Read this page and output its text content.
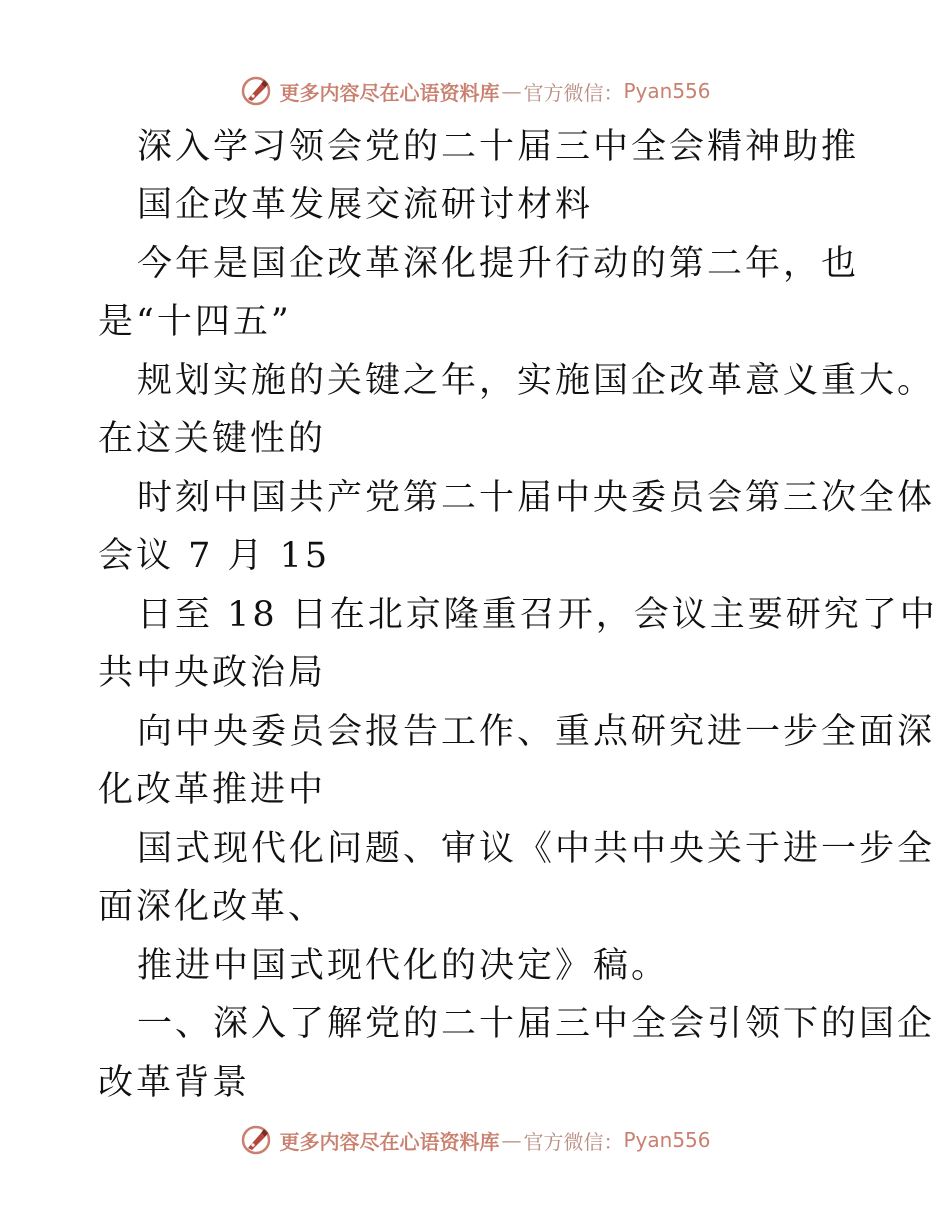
更多内容尽在心语资料库 — 官方微信： Pyan556
深入学习领会党的二十届三中全会精神助推
国企改革发展交流研讨材料
今年是国企改革深化提升行动的第二年，也
是“十四五”
规划实施的关键之年，实施国企改革意义重大。
在这关键性的
时刻中国共产党第二十届中央委员会第三次全体
会议 7 月 15
日至 18 日在北京隆重召开，会议主要研究了中
共中央政治局
向中央委员会报告工作、重点研究进一步全面深
化改革推进中
国式现代化问题、审议《中共中央关于进一步全
面深化改革、
推进中国式现代化的决定》稿。
一、深入了解党的二十届三中全会引领下的国企
改革背景
更多内容尽在心语资料库 — 官方微信： Pyan556
